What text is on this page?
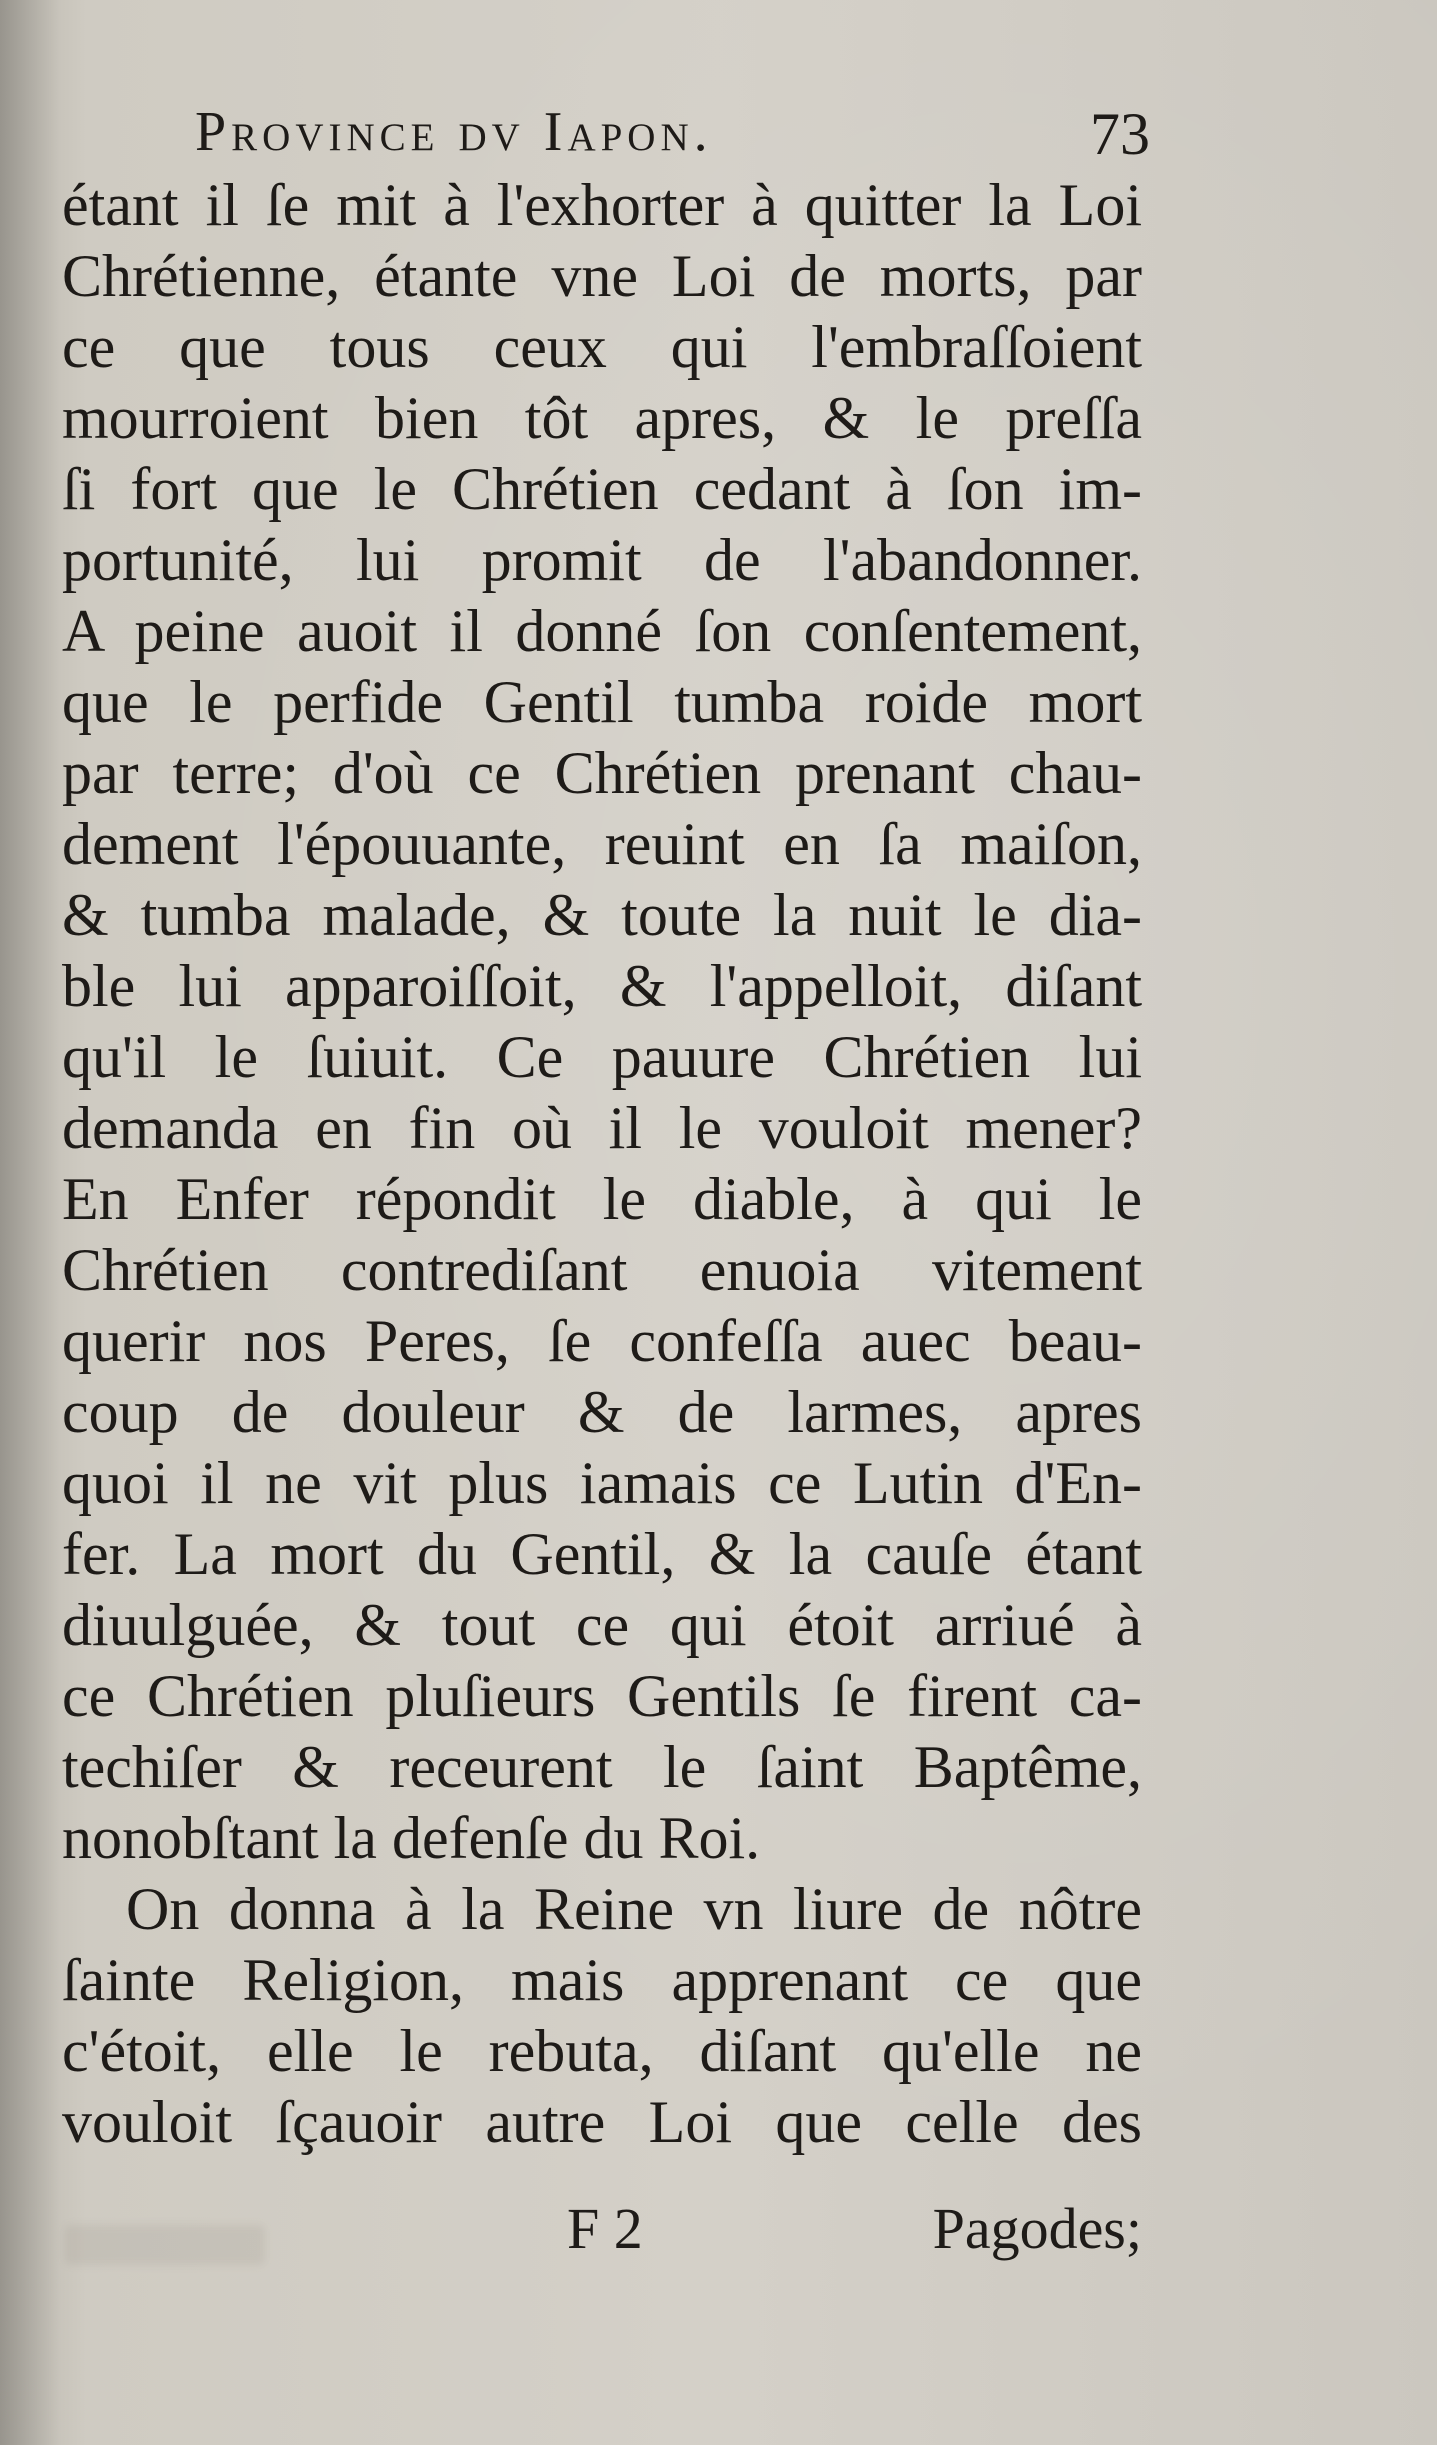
Province dv Iapon.	73
étant il ſe mit à l'exhorter à quitter la Loi
Chrétienne, étante vne Loi de morts, par
ce que tous ceux qui l'embraſſoient
mourroient bien tôt apres, & le preſſa
ſi fort que le Chrétien cedant à ſon im-
portunité, lui promit de l'abandonner.
A peine auoit il donné ſon conſentement,
que le perfide Gentil tumba roide mort
par terre; d'où ce Chrétien prenant chau-
dement l'épouuante, reuint en ſa maiſon,
& tumba malade, & toute la nuit le dia-
ble lui apparoiſſoit, & l'appelloit, diſant
qu'il le ſuiuit. Ce pauure Chrétien lui
demanda en fin où il le vouloit mener?
En Enfer répondit le diable, à qui le
Chrétien contrediſant enuoia vitement
querir nos Peres, ſe confeſſa auec beau-
coup de douleur & de larmes, apres
quoi il ne vit plus iamais ce Lutin d'En-
fer. La mort du Gentil, & la cauſe étant
diuulguée, & tout ce qui étoit arriué à
ce Chrétien pluſieurs Gentils ſe firent ca-
techiſer & receurent le ſaint Baptême,
nonobſtant la defenſe du Roi.
On donna à la Reine vn liure de nôtre
ſainte Religion, mais apprenant ce que
c'étoit, elle le rebuta, diſant qu'elle ne
vouloit ſçauoir autre Loi que celle des
F 2	Pagodes;
